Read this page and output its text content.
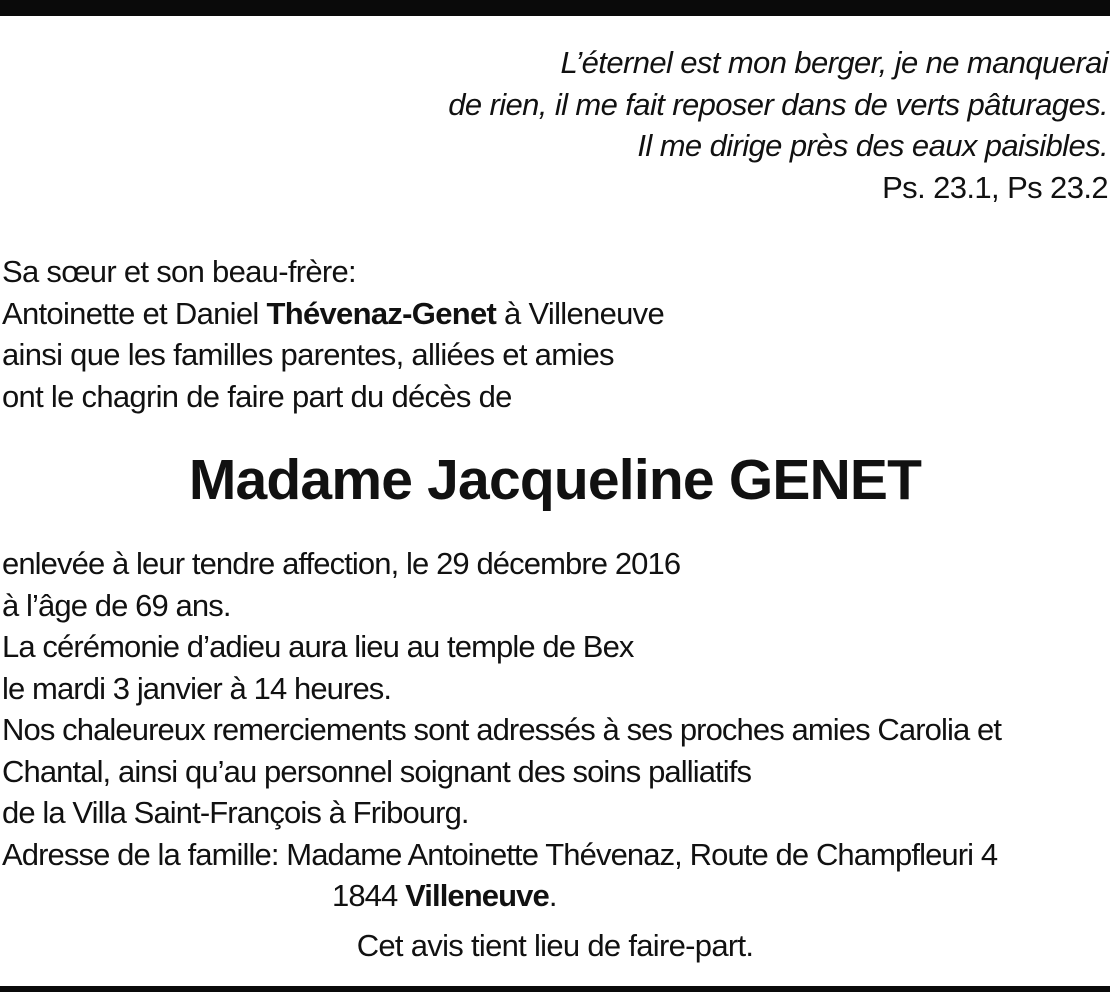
L’éternel est mon berger, je ne manquerai
de rien, il me fait reposer dans de verts pâturages.
Il me dirige près des eaux paisibles.
Ps. 23.1, Ps 23.2
Sa sœur et son beau-frère:
Antoinette et Daniel Thévenaz-Genet à Villeneuve
ainsi que les familles parentes, alliées et amies
ont le chagrin de faire part du décès de
Madame Jacqueline GENET
enlevée à leur tendre affection, le 29 décembre 2016
à l’âge de 69 ans.
La cérémonie d’adieu aura lieu au temple de Bex
le mardi 3 janvier à 14 heures.
Nos chaleureux remerciements sont adressés à ses proches amies Carolia et
Chantal, ainsi qu’au personnel soignant des soins palliatifs
de la Villa Saint-François à Fribourg.
Adresse de la famille: Madame Antoinette Thévenaz, Route de Champfleuri 4
1844 Villeneuve.
Cet avis tient lieu de faire-part.
